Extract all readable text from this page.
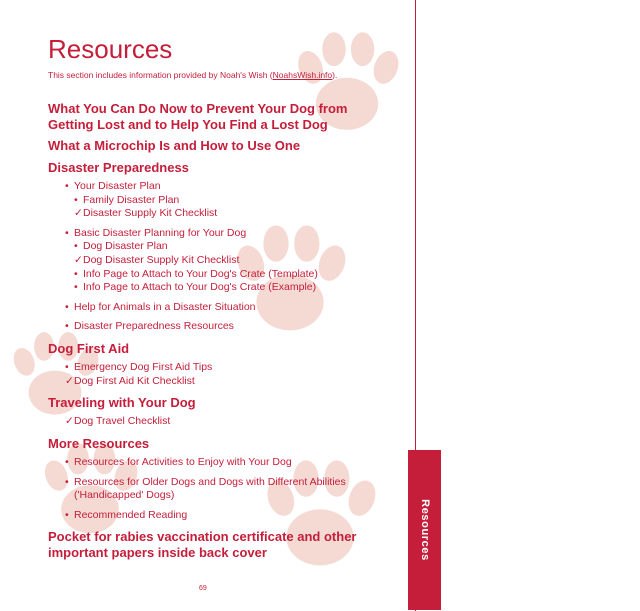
Resources
Resources
This section includes information provided by Noah's Wish (NoahsWish.info).
What You Can Do Now to Prevent Your Dog from
Getting Lost and to Help You Find a Lost Dog
What a Microchip Is and How to Use One
Disaster Preparedness
• Your Disaster Plan
• Family Disaster Plan
✓Disaster Supply Kit Checklist
• Basic Disaster Planning for Your Dog
• Dog Disaster Plan
✓Dog Disaster Supply Kit Checklist
• Info Page to Attach to Your Dog's Crate (Template)
• Info Page to Attach to Your Dog's Crate (Example)
• Help for Animals in a Disaster Situation
• Disaster Preparedness Resources
Dog First Aid
• Emergency Dog First Aid Tips
✓Dog First Aid Kit Checklist
Traveling with Your Dog
✓Dog Travel Checklist
More Resources
• Resources for Activities to Enjoy with Your Dog
• Resources for Older Dogs and Dogs with Different Abilities
('Handicapped' Dogs)
• Recommended Reading
Pocket for rabies vaccination certificate and other
important papers inside back cover
69
